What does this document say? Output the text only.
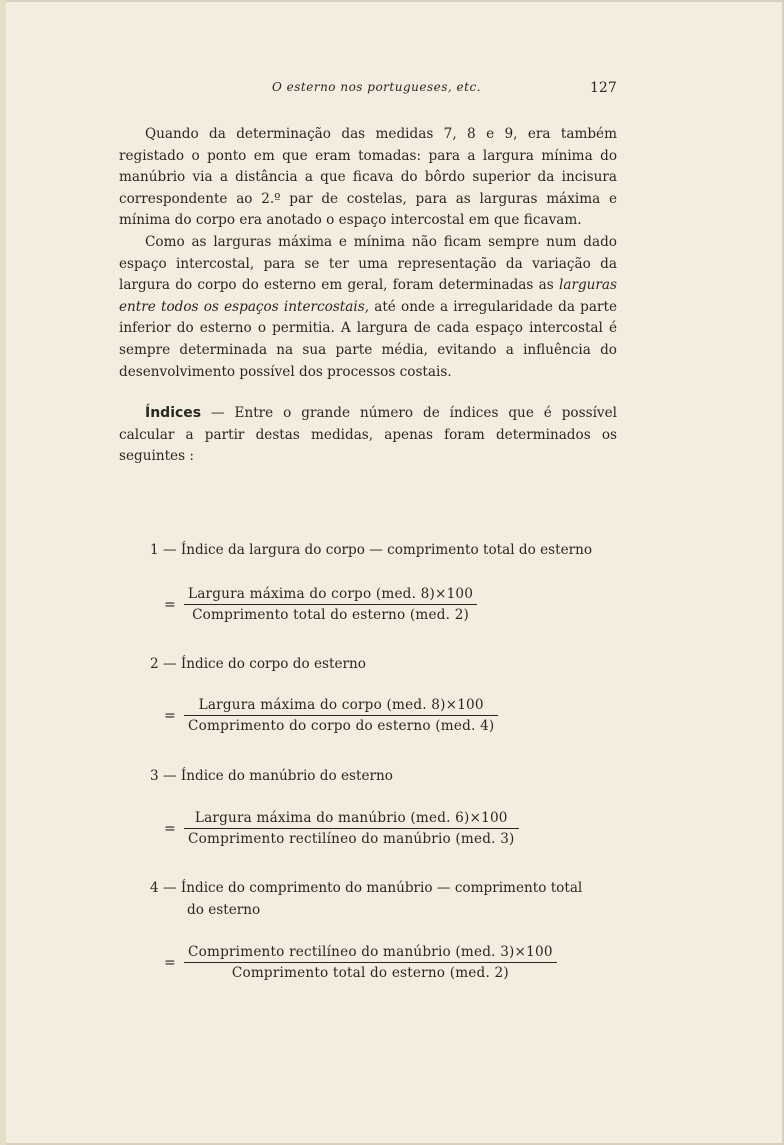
O esterno nos portugueses, etc.	127

Quando da determinação das medidas 7, 8 e 9, era também registado o ponto em que eram tomadas: para a largura mínima do manúbrio via a distância a que ficava do bôrdo superior da incisura correspondente ao 2.º par de costelas, para as larguras máxima e mínima do corpo era anotado o espaço intercostal em que ficavam.

Como as larguras máxima e mínima não ficam sempre num dado espaço intercostal, para se ter uma representação da variação da largura do corpo do esterno em geral, foram determinadas as larguras entre todos os espaços intercostais, até onde a irregularidade da parte inferior do esterno o permitia. A largura de cada espaço intercostal é sempre determinada na sua parte média, evitando a influência do desenvolvimento possível dos processos costais.

Índices — Entre o grande número de índices que é possível calcular a partir destas medidas, apenas foram determinados os seguintes :

1 — Índice da largura do corpo — comprimento total do esterno
=
Largura máxima do corpo (med. 8)×100
Comprimento total do esterno (med. 2)
2 — Índice do corpo do esterno
=
Largura máxima do corpo (med. 8)×100
Comprimento do corpo do esterno (med. 4)
3 — Índice do manúbrio do esterno
=
Largura máxima do manúbrio (med. 6)×100
Comprimento rectilíneo do manúbrio (med. 3)
4 — Índice do comprimento do manúbrio — comprimento total
do esterno
=
Comprimento rectilíneo do manúbrio (med. 3)×100
Comprimento total do esterno (med. 2)
